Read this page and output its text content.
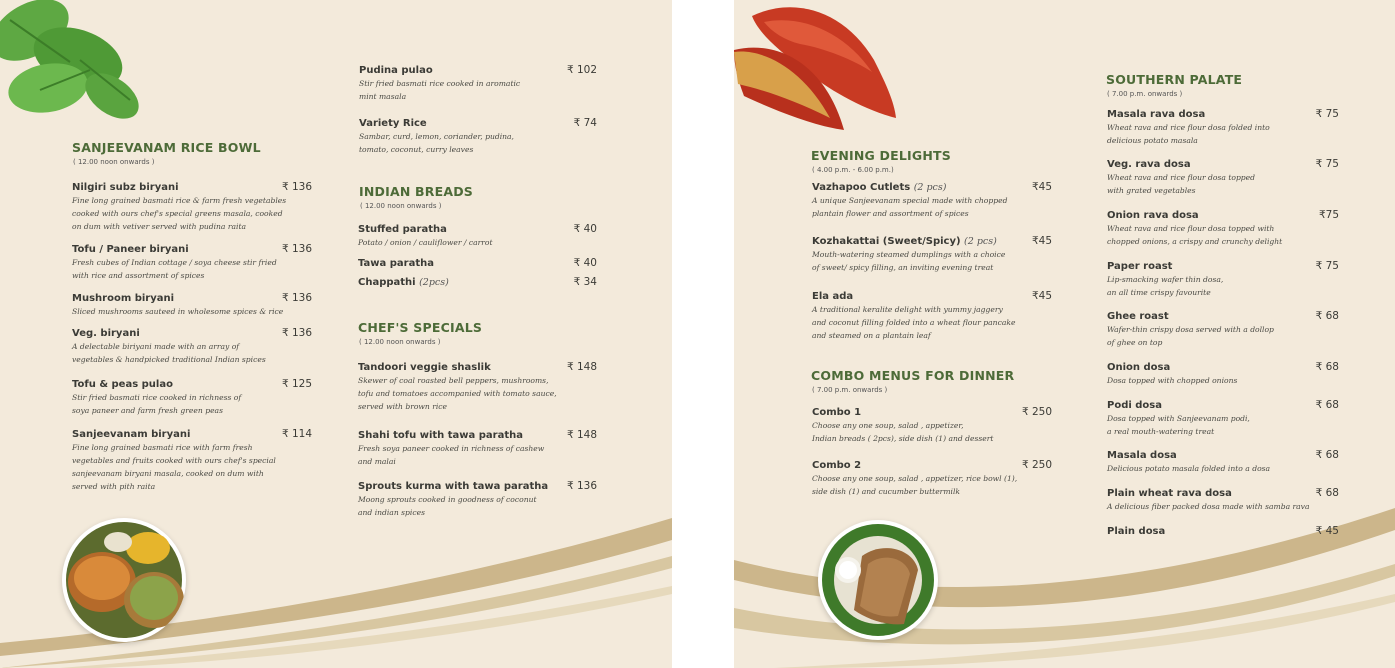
SANJEEVANAM RICE BOWL
( 12.00 noon onwards )
INDIAN BREADS
( 12.00 noon onwards )
CHEF'S SPECIALS
( 12.00 noon onwards )
Nilgiri subz biryani	₹ 136
Fine long grained basmati rice & farm fresh vegetables
cooked with ours chef's special greens masala, cooked
on dum with vetiver served with pudina raita
Tofu / Paneer biryani	₹ 136
Fresh cubes of Indian cottage / soya cheese stir fried
with rice and assortment of spices
Mushroom biryani	₹ 136
Sliced mushrooms sauteed in wholesome spices & rice
Veg. biryani	₹ 136
A delectable biriyani made with an array of
vegetables & handpicked traditional Indian spices
Tofu & peas pulao	₹ 125
Stir fried basmati rice cooked in richness of
soya paneer and farm fresh green peas
Sanjeevanam biryani	₹ 114
Fine long grained basmati rice with farm fresh
vegetables and fruits cooked with ours chef's special
sanjeevanam biryani masala, cooked on dum with
served with pith raita
Pudina pulao	₹ 102
Stir fried basmati rice cooked in aromatic
mint masala
Variety Rice	₹ 74
Sambar, curd, lemon, coriander, pudina,
tomato, coconut, curry leaves
Stuffed paratha	₹ 40
Potato / onion / cauliflower / carrot
Tawa paratha	₹ 40
Chappathi (2pcs)	₹ 34
Tandoori veggie shaslik	₹ 148
Skewer of coal roasted bell peppers, mushrooms,
tofu and tomatoes accompanied with tomato sauce,
served with brown rice
Shahi tofu with tawa paratha	₹ 148
Fresh soya paneer cooked in richness of cashew
and malai
Sprouts kurma with tawa paratha ₹ 136
Moong sprouts cooked in goodness of coconut
and indian spices
EVENING DELIGHTS
( 4.00 p.m. - 6.00 p.m.)
COMBO MENUS FOR DINNER
( 7.00 p.m. onwards )
SOUTHERN PALATE
( 7.00 p.m. onwards )
Vazhapoo Cutlets (2 pcs)	₹45
A unique Sanjeevanam special made with chopped
plantain flower and assortment of spices
Kozhakattai (Sweet/Spicy) (2 pcs)	₹45
Mouth-watering steamed dumplings with a choice
of sweet/ spicy filling, an inviting evening treat
Ela ada	₹45
A traditional keralite delight with yummy jaggery
and coconut filling folded into a wheat flour pancake
and steamed on a plantain leaf
Combo 1	₹ 250
Choose any one soup, salad , appetizer,
Indian breads ( 2pcs), side dish (1) and dessert
Combo 2	₹ 250
Choose any one soup, salad , appetizer, rice bowl (1),
side dish (1) and cucumber buttermilk
Masala rava dosa	₹ 75
Wheat rava and rice flour dosa folded into
delicious potato masala
Veg. rava dosa	₹ 75
Wheat rava and rice flour dosa topped
with grated vegetables
Onion rava dosa	₹75
Wheat rava and rice flour dosa topped with
chopped onions, a crispy and crunchy delight
Paper roast	₹ 75
Lip-smacking wafer thin dosa,
an all time crispy favourite
Ghee roast	₹ 68
Wafer-thin crispy dosa served with a dollop
of ghee on top
Onion dosa	₹ 68
Dosa topped with chopped onions
Podi dosa	₹ 68
Dosa topped with Sanjeevanam podi,
a real mouth-watering treat
Masala dosa	₹ 68
Delicious potato masala folded into a dosa
Plain wheat rava dosa	₹ 68
A delicious fiber packed dosa made with samba rava
Plain dosa	₹ 45
